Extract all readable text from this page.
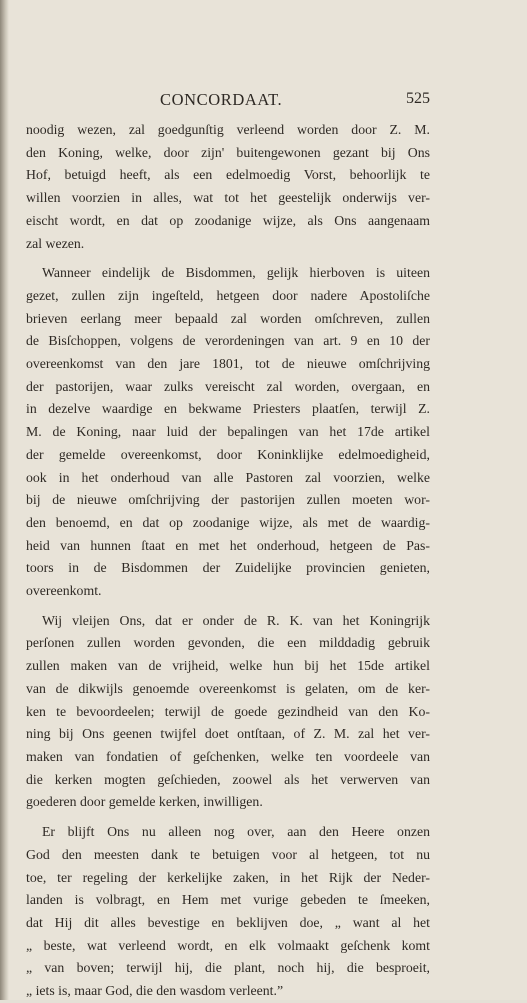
CONCORDAAT.	525

noodig wezen, zal goedgunſtig verleend worden door Z. M.
den Koning, welke, door zijn' buitengewonen gezant bij Ons
Hof, betuigd heeft, als een edelmoedig Vorst, behoorlijk te
willen voorzien in alles, wat tot het geestelijk onderwijs ver-
eischt wordt, en dat op zoodanige wijze, als Ons aangenaam
zal wezen.

Wanneer eindelijk de Bisdommen, gelijk hierboven is uiteen
gezet, zullen zijn ingeſteld, hetgeen door nadere Apostoliſche
brieven eerlang meer bepaald zal worden omſchreven, zullen
de Bisſchoppen, volgens de verordeningen van art. 9 en 10 der
overeenkomst van den jare 1801, tot de nieuwe omſchrijving
der pastorijen, waar zulks vereischt zal worden, overgaan, en
in dezelve waardige en bekwame Priesters plaatſen, terwijl Z.
M. de Koning, naar luid der bepalingen van het 17de artikel
der gemelde overeenkomst, door Koninklijke edelmoedigheid,
ook in het onderhoud van alle Pastoren zal voorzien, welke
bij de nieuwe omſchrijving der pastorijen zullen moeten wor-
den benoemd, en dat op zoodanige wijze, als met de waardig-
heid van hunnen ſtaat en met het onderhoud, hetgeen de Pas-
toors in de Bisdommen der Zuidelijke provincien genieten,
overeenkomt.

Wij vleijen Ons, dat er onder de R. K. van het Koningrijk
perſonen zullen worden gevonden, die een milddadig gebruik
zullen maken van de vrijheid, welke hun bij het 15de artikel
van de dikwijls genoemde overeenkomst is gelaten, om de ker-
ken te bevoordeelen; terwijl de goede gezindheid van den Ko-
ning bij Ons geenen twijfel doet ontſtaan, of Z. M. zal het ver-
maken van fondatien of geſchenken, welke ten voordeele van
die kerken mogten geſchieden, zoowel als het verwerven van
goederen door gemelde kerken, inwilligen.

Er blijft Ons nu alleen nog over, aan den Heere onzen
God den meesten dank te betuigen voor al hetgeen, tot nu
toe, ter regeling der kerkelijke zaken, in het Rijk der Neder-
landen is volbragt, en Hem met vurige gebeden te ſmeeken,
dat Hij dit alles bevestige en beklijven doe, „ want al het
„ beste, wat verleend wordt, en elk volmaakt geſchenk komt
„ van boven; terwijl hij, die plant, noch hij, die besproeit,
„ iets is, maar God, die den wasdom verleent.”
